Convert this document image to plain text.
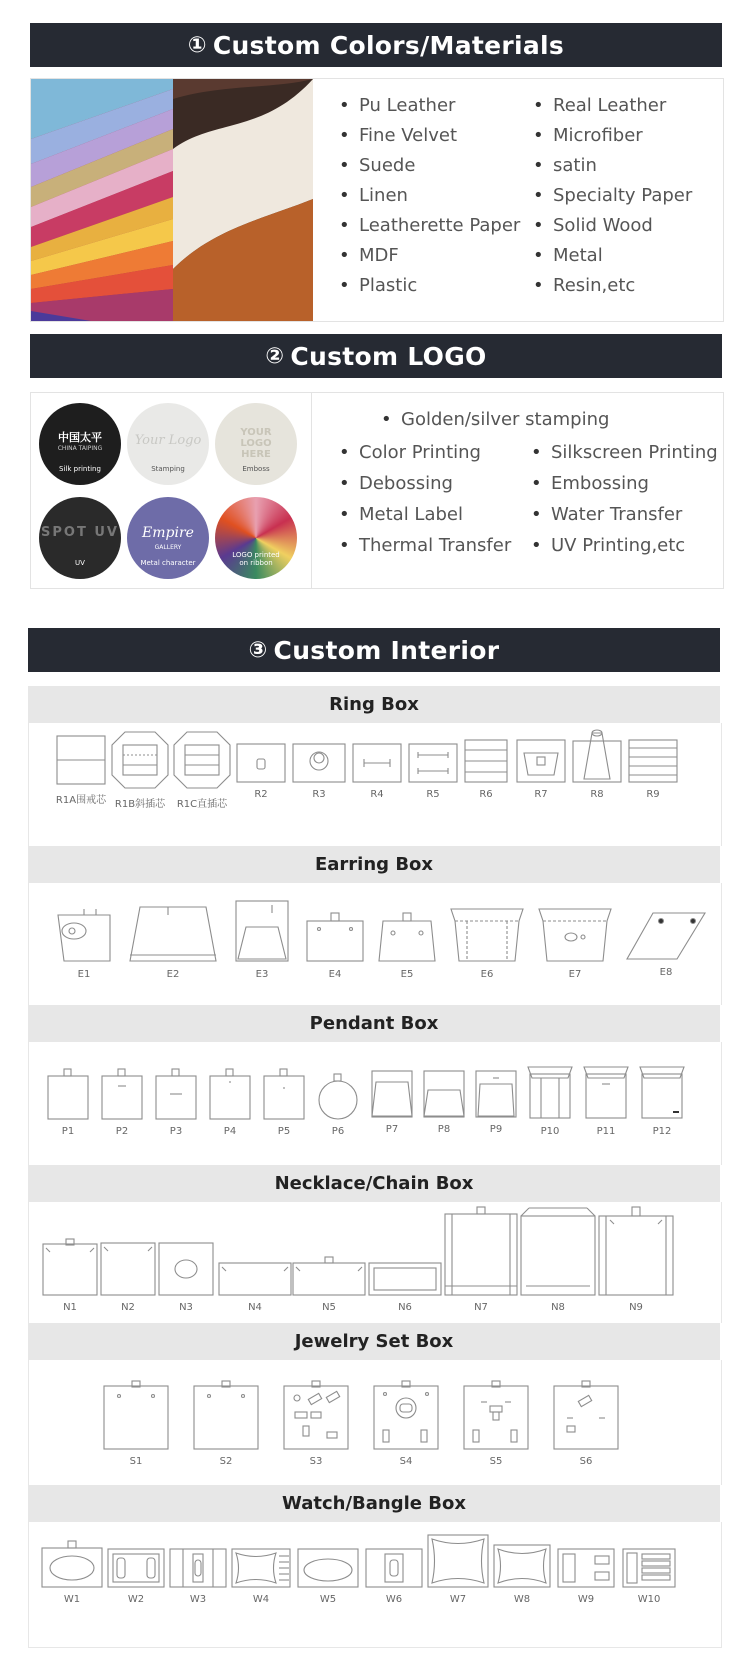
① Custom Colors/Materials
• Pu Leather
• Fine Velvet
• Suede
• Linen
• Leatherette Paper
• MDF
• Plastic
• Real Leather
• Microfiber
• satin
• Specialty Paper
• Solid Wood
• Metal
• Resin,etc
② Custom LOGO
中国太平
CHINA TAIPING
Silk printing
Your Logo
Stamping
YOUR LOGO HERE
Emboss
SPOT UV
UV
Empire
GALLERY
Metal character
LOGO printed on ribbon
• Golden/silver stamping
• Color Printing
• Debossing
• Metal Label
• Thermal Transfer
• Silkscreen Printing
• Embossing
• Water Transfer
• UV Printing,etc
③ Custom Interior
Ring Box
R1A围戒芯 R1B斜插芯	R1C直插芯
R2	R3	R4	R5	R6	R7	R8	R9
Earring Box
E1	E2	E3	E4	E5	E6	E7	E8
Pendant Box
P1	P2	P3	P4	P5	P6	P7	P8	P9	P10	P11	P12
Necklace/Chain Box
N1	N2	N3	N4	N5	N6	N7	N8	N9
Jewelry Set Box
S1	S2	S3	S4	S5	S6
Watch/Bangle Box
W1	W2	W3	W4	W5	W6	W7	W8	W9	W10
